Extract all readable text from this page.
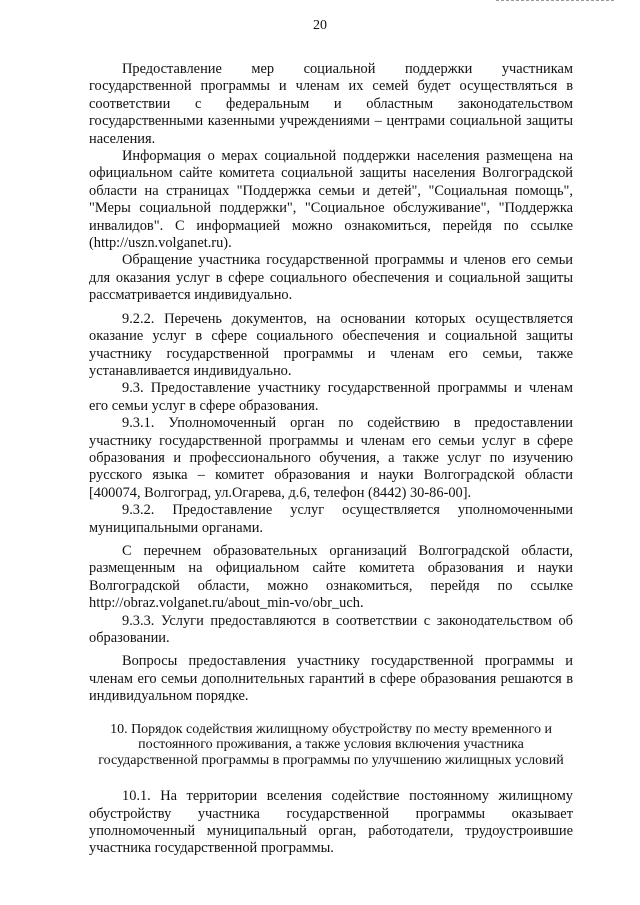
20

Предоставление мер социальной поддержки участникам государственной программы и членам их семей будет осуществляться в соответствии с федеральным и областным законодательством государственными казенными учреждениями – центрами социальной защиты населения.

Информация о мерах социальной поддержки населения размещена на официальном сайте комитета социальной защиты населения Волгоградской области на страницах "Поддержка семьи и детей", "Социальная помощь", "Меры социальной поддержки", "Социальное обслуживание", "Поддержка инвалидов". С информацией можно ознакомиться, перейдя по ссылке (http://uszn.volganet.ru).

Обращение участника государственной программы и членов его семьи для оказания услуг в сфере социального обеспечения и социальной защиты рассматривается индивидуально.

9.2.2. Перечень документов, на основании которых осуществляется оказание услуг в сфере социального обеспечения и социальной защиты участнику государственной программы и членам его семьи, также устанавливается индивидуально.

9.3. Предоставление участнику государственной программы и членам его семьи услуг в сфере образования.

9.3.1. Уполномоченный орган по содействию в предоставлении участнику государственной программы и членам его семьи услуг в сфере образования и профессионального обучения, а также услуг по изучению русского языка – комитет образования и науки Волгоградской области [400074, Волгоград, ул.Огарева, д.6, телефон (8442) 30-86-00].

9.3.2. Предоставление услуг осуществляется уполномоченными муниципальными органами.

С перечнем образовательных организаций Волгоградской области, размещенным на официальном сайте комитета образования и науки Волгоградской области, можно ознакомиться, перейдя по ссылке http://obraz.volganet.ru/about_min-vo/obr_uch.

9.3.3. Услуги предоставляются в соответствии с законодательством об образовании.

Вопросы предоставления участнику государственной программы и членам его семьи дополнительных гарантий в сфере образования решаются в индивидуальном порядке.

10. Порядок содействия жилищному обустройству по месту временного и постоянного проживания, а также условия включения участника государственной программы в программы по улучшению жилищных условий

10.1. На территории вселения содействие постоянному жилищному обустройству участника государственной программы оказывает уполномоченный муниципальный орган, работодатели, трудоустроившие участника государственной программы.
